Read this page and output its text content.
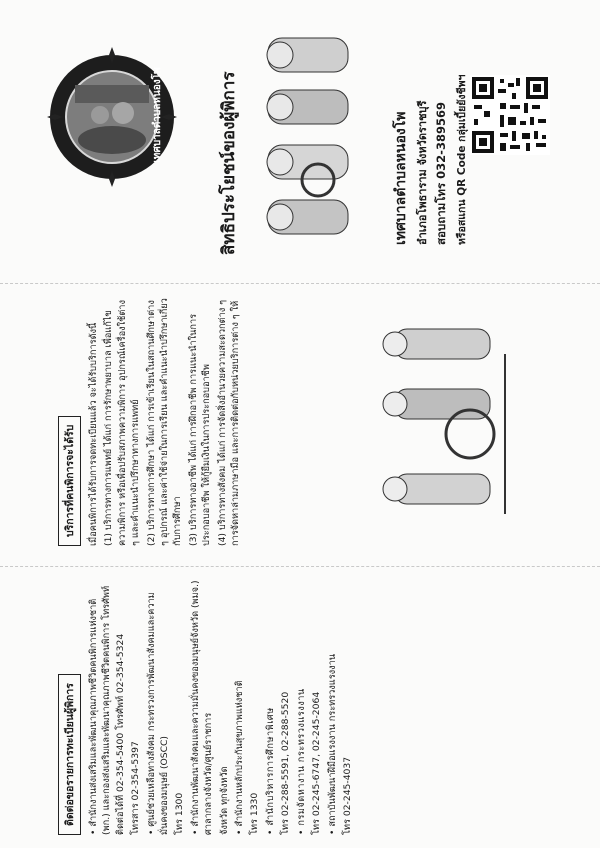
เทศบาลตำบลหนองโพ	สิทธิประโยชน์ของผู้พิการ	เทศบาลตำบลหนองโพ อำเภอโพธาราม จังหวัดราชบุรี สอบถามโทร 032-389569 หรือสแกน QR Code กลุ่มเบี้ยยังชีพฯ
บริการที่คนพิการจะได้รับ เมื่อคนพิการได้รับการจดทะเบียนแล้ว จะได้รับบริการดังนี้ (1) บริการทางการแพทย์ ได้แก่ การรักษาพยาบาล เพื่อแก้ไขความพิการ หรือเพื่อปรับสภาพความพิการ อุปกรณ์เครื่องใช้ต่าง ๆ และคำแนะนำปรึกษาทางการแพทย์ (2) บริการทางการศึกษา ได้แก่ การเข้าเรียนในสถานศึกษาต่าง ๆ อุปกรณ์ และค่าใช้จ่ายในการเรียน และคำแนะนำปรึกษาเกี่ยวกับการศึกษา (3) บริการทางอาชีพ ได้แก่ การฝึกอาชีพ การแนะนำในการประกอบอาชีพ ให้กู้ยืมเงินในการประกอบอาชีพ (4) บริการทางสังคม ได้แก่ การจัดสิ่งอำนวยความสะดวกต่าง ๆ การจัดหาล่ามภาษามือ และการติดต่อกับหน่วยบริการต่าง ๆ ให้
ติดต่อขอรายการทะเบียนผู้พิการ • สำนักงานส่งเสริมและพัฒนาคุณภาพชีวิตคนพิการแห่งชาติ (พก.) และกองส่งเสริมและพัฒนาคุณภาพชีวิตคนพิการ โทรศัพท์ติดต่อได้ที่ 02-354-5400 โทรศัพท์ 02-354-5324 โทรสาร 02-354-5397 • ศูนย์ช่วยเหลือทางสังคม กระทรวงการพัฒนาสังคมและความมั่นคงของมนุษย์ (OSCC) โทร 1300 • สำนักงานพัฒนาสังคมและความมั่นคงของมนุษย์จังหวัด (พมจ.) ศาลากลางจังหวัด/ศูนย์ราชการ จังหวัด ทุกจังหวัด • สำนักงานหลักประกันสุขภาพแห่งชาติ โทร 1330 • สำนักบริหารการศึกษาพิเศษ โทร 02-288-5591, 02-288-5520 • กรมจัดหางาน กระทรวงแรงงาน โทร 02-245-6747, 02-245-2064 • สถาบันพัฒนาฝีมือแรงงาน กระทรวงแรงงาน โทร 02-245-4037
